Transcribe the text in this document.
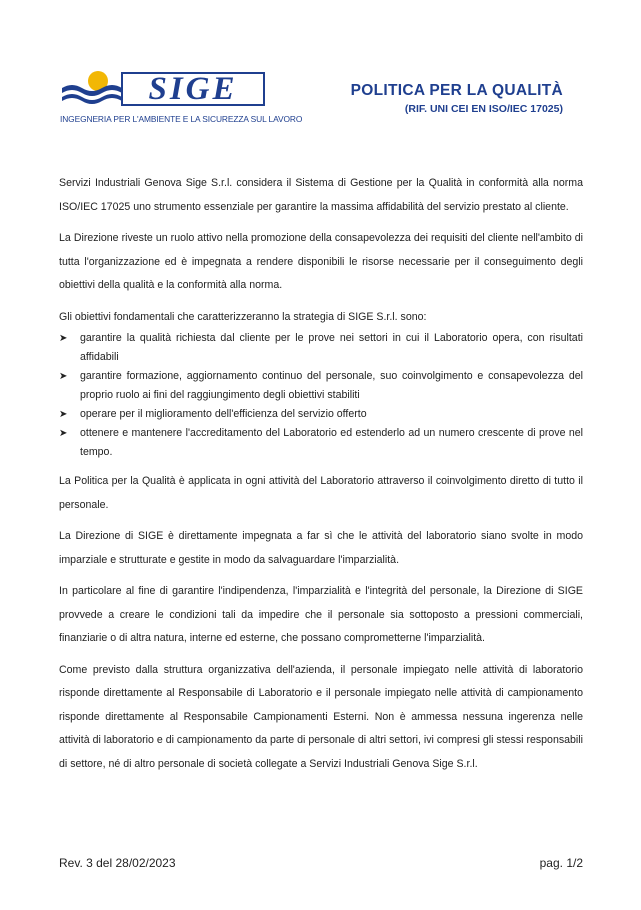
SIGE
INGEGNERIA PER L'AMBIENTE E LA SICUREZZA SUL LAVORO
POLITICA PER LA QUALITÀ
(RIF. UNI CEI EN ISO/IEC 17025)

Servizi Industriali Genova Sige S.r.l. considera il Sistema di Gestione per la Qualità in conformità alla norma ISO/IEC 17025 uno strumento essenziale per garantire la massima affidabilità del servizio prestato al cliente.

La Direzione riveste un ruolo attivo nella promozione della consapevolezza dei requisiti del cliente nell'ambito di tutta l'organizzazione ed è impegnata a rendere disponibili le risorse necessarie per il conseguimento degli obiettivi della qualità e la conformità alla norma.

Gli obiettivi fondamentali che caratterizzeranno la strategia di SIGE S.r.l. sono:

➤ garantire la qualità richiesta dal cliente per le prove nei settori in cui il Laboratorio opera, con risultati affidabili
➤ garantire formazione, aggiornamento continuo del personale, suo coinvolgimento e consapevolezza del proprio ruolo ai fini del raggiungimento degli obiettivi stabiliti
➤ operare per il miglioramento dell'efficienza del servizio offerto
➤ ottenere e mantenere l'accreditamento del Laboratorio ed estenderlo ad un numero crescente di prove nel tempo.

La Politica per la Qualità è applicata in ogni attività del Laboratorio attraverso il coinvolgimento diretto di tutto il personale.

La Direzione di SIGE è direttamente impegnata a far sì che le attività del laboratorio siano svolte in modo imparziale e strutturate e gestite in modo da salvaguardare l'imparzialità.

In particolare al fine di garantire l'indipendenza, l'imparzialità e l'integrità del personale, la Direzione di SIGE provvede a creare le condizioni tali da impedire che il personale sia sottoposto a pressioni commerciali, finanziarie o di altra natura, interne ed esterne, che possano comprometterne l'imparzialità.

Come previsto dalla struttura organizzativa dell'azienda, il personale impiegato nelle attività di laboratorio risponde direttamente al Responsabile di Laboratorio e il personale impiegato nelle attività di campionamento risponde direttamente al Responsabile Campionamenti Esterni. Non è ammessa nessuna ingerenza nelle attività di laboratorio e di campionamento da parte di personale di altri settori, ivi compresi gli stessi responsabili di settore, né di altro personale di società collegate a Servizi Industriali Genova Sige S.r.l.

Rev. 3 del 28/02/2023	pag. 1/2
